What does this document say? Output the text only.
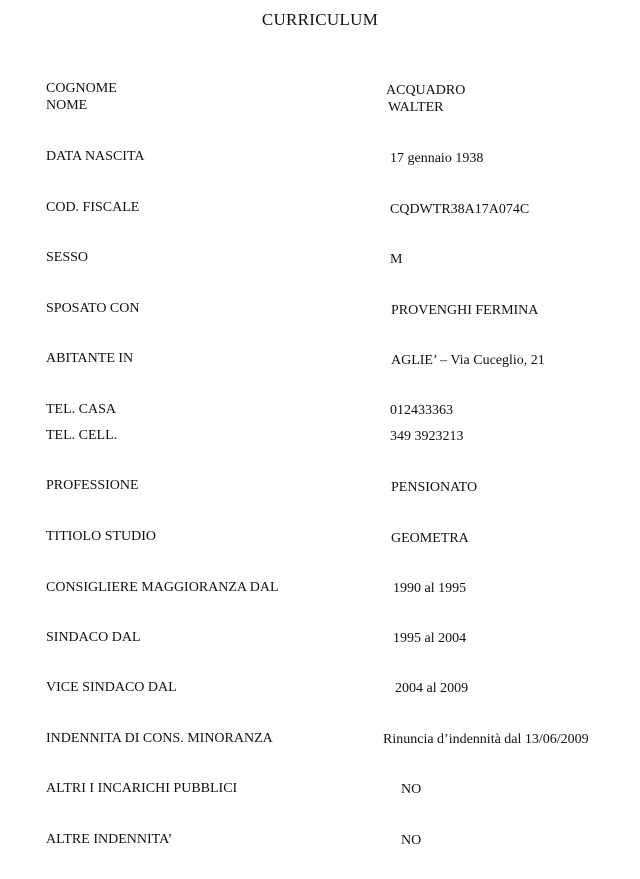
CURRICULUM
COGNOME	ACQUADRO
NOME	WALTER
DATA NASCITA	17 gennaio 1938
COD. FISCALE	CQDWTR38A17A074C
SESSO	M
SPOSATO CON	PROVENGHI FERMINA
ABITANTE IN	AGLIE’ – Via Cuceglio, 21
TEL. CASA	012433363
TEL. CELL.	349 3923213
PROFESSIONE	PENSIONATO
TITIOLO STUDIO	GEOMETRA
CONSIGLIERE MAGGIORANZA DAL	1990 al 1995
SINDACO DAL	1995 al 2004
VICE SINDACO DAL	2004 al 2009
INDENNITA DI CONS. MINORANZA	Rinuncia d’indennità dal 13/06/2009
ALTRI I INCARICHI PUBBLICI	NO
ALTRE INDENNITA’	NO
